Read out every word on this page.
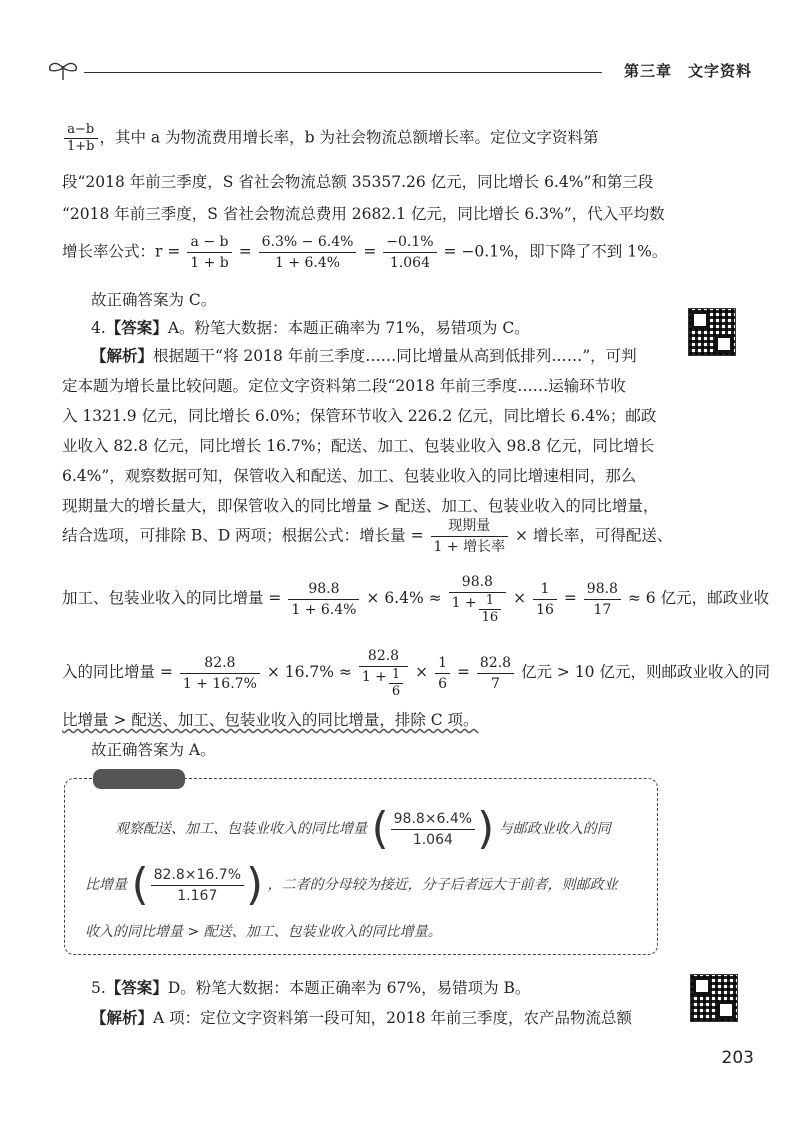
第三章 文字资料
$\frac{a-b}{1+b}$ ，其中 a 为物流费用增长率，b 为社会物流总额增长率。定位文字资料第
段“2018 年前三季度，S 省社会物流总额 35357.26 亿元，同比增长 6.4%”和第三段
“2018 年前三季度，S 省社会物流总费用 2682.1 亿元，同比增长 6.3%”，代入平均数
增长率公式：$r = \frac{a - b}{1 + b} = \frac{6.3\% - 6.4\%}{1 + 6.4\%} = \frac{-0.1\%}{1.064} = -0.1\%$，即下降了不到 1%。
故正确答案为 C。
4.【答案】A。粉笔大数据：本题正确率为 71%，易错项为 C。
【解析】根据题干“将 2018 年前三季度……同比增量从高到低排列……”，可判
定本题为增长量比较问题。定位文字资料第二段“2018 年前三季度……运输环节收
入 1321.9 亿元，同比增长 6.0%；保管环节收入 226.2 亿元，同比增长 6.4%；邮政
业收入 82.8 亿元，同比增长 16.7%；配送、加工、包装业收入 98.8 亿元，同比增长
6.4%”，观察数据可知，保管收入和配送、加工、包装业收入的同比增速相同，那么
现期量大的增长量大，即保管收入的同比增量 > 配送、加工、包装业收入的同比增量，
结合选项，可排除 B、D 两项；根据公式：增长量 = $\frac{\text{现期量}}{\text{1 + 增长率}}$ × 增长率，可得配送、
加工、包装业收入的同比增量 = $\frac{98.8}{1 + 6.4\%} \times 6.4\% \approx \frac{98.8}{1 + \frac{1}{16}} \times \frac{1}{16} = \frac{98.8}{17} \approx 6$ 亿元，邮政业收
入的同比增量 = $\frac{82.8}{1 + 16.7\%} \times 16.7\% \approx \frac{82.8}{1 + \frac{1}{6}} \times \frac{1}{6} = \frac{82.8}{7}$ 亿元 > 10 亿元，则邮政业收入的同
比增量 > 配送、加工、包装业收入的同比增量，排除 C 项。
故正确答案为 A。
观察配送、加工、包装业收入的同比增量 ( $\frac{98.8\times 6.4\%}{1.064}$ ) 与邮政业收入的同
比增量 ( $\frac{82.8\times 16.7\%}{1.167}$ ) ，二者的分母较为接近，分子后者远大于前者，则邮政业
收入的同比增量 > 配送、加工、包装业收入的同比增量。
5.【答案】D。粉笔大数据：本题正确率为 67%，易错项为 B。
【解析】A 项：定位文字资料第一段可知，2018 年前三季度，农产品物流总额
203
